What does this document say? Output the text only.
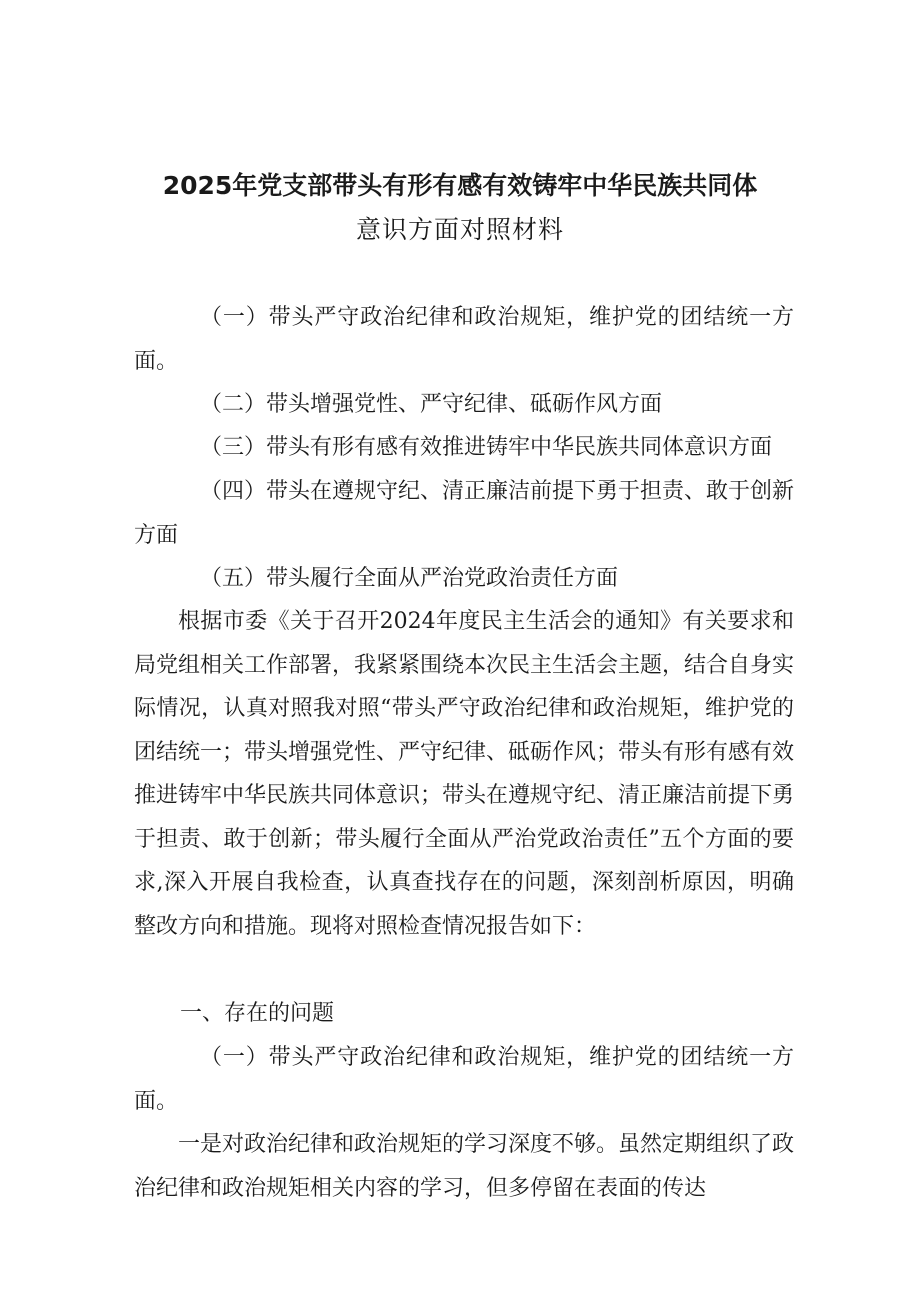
2025年党支部带头有形有感有效铸牢中华民族共同体
意识方面对照材料
（一）带头严守政治纪律和政治规矩，维护党的团结统一方面。
（二）带头增强党性、严守纪律、砥砺作风方面
（三）带头有形有感有效推进铸牢中华民族共同体意识方面
（四）带头在遵规守纪、清正廉洁前提下勇于担责、敢于创新方面
（五）带头履行全面从严治党政治责任方面
根据市委《关于召开2024年度民主生活会的通知》有关要求和局党组相关工作部署，我紧紧围绕本次民主生活会主题，结合自身实际情况，认真对照我对照“带头严守政治纪律和政治规矩，维护党的团结统一；带头增强党性、严守纪律、砥砺作风；带头有形有感有效推进铸牢中华民族共同体意识；带头在遵规守纪、清正廉洁前提下勇于担责、敢于创新；带头履行全面从严治党政治责任”五个方面的要求,深入开展自我检查，认真查找存在的问题，深刻剖析原因，明确整改方向和措施。现将对照检查情况报告如下：
一、存在的问题
（一）带头严守政治纪律和政治规矩，维护党的团结统一方面。
一是对政治纪律和政治规矩的学习深度不够。虽然定期组织了政治纪律和政治规矩相关内容的学习，但多停留在表面的传达
